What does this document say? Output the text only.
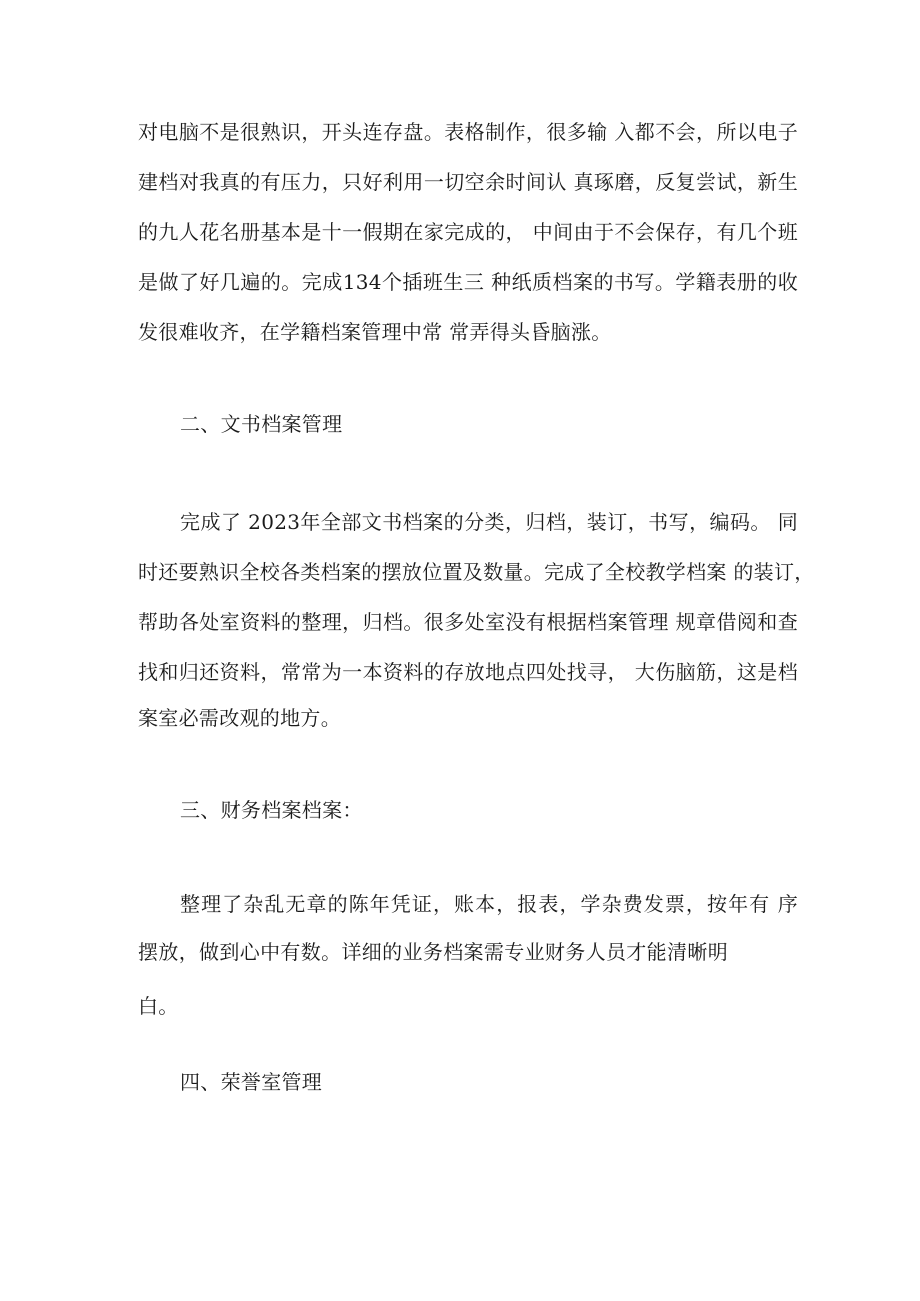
对电脑不是很熟识，开头连存盘。表格制作，很多输 入都不会，所以电子
建档对我真的有压力，只好利用一切空余时间认 真琢磨，反复尝试，新生
的九人花名册基本是十一假期在家完成的， 中间由于不会保存，有几个班
是做了好几遍的。完成134个插班生三 种纸质档案的书写。学籍表册的收
发很难收齐，在学籍档案管理中常 常弄得头昏脑涨。
二、文书档案管理
完成了 2023年全部文书档案的分类，归档，装订，书写，编码。 同
时还要熟识全校各类档案的摆放位置及数量。完成了全校教学档案 的装订，
帮助各处室资料的整理，归档。很多处室没有根据档案管理 规章借阅和查
找和归还资料，常常为一本资料的存放地点四处找寻， 大伤脑筋，这是档
案室必需改观的地方。
三、财务档案档案：
整理了杂乱无章的陈年凭证，账本，报表，学杂费发票，按年有 序
摆放，做到心中有数。详细的业务档案需专业财务人员才能清晰明
白。
四、荣誉室管理
